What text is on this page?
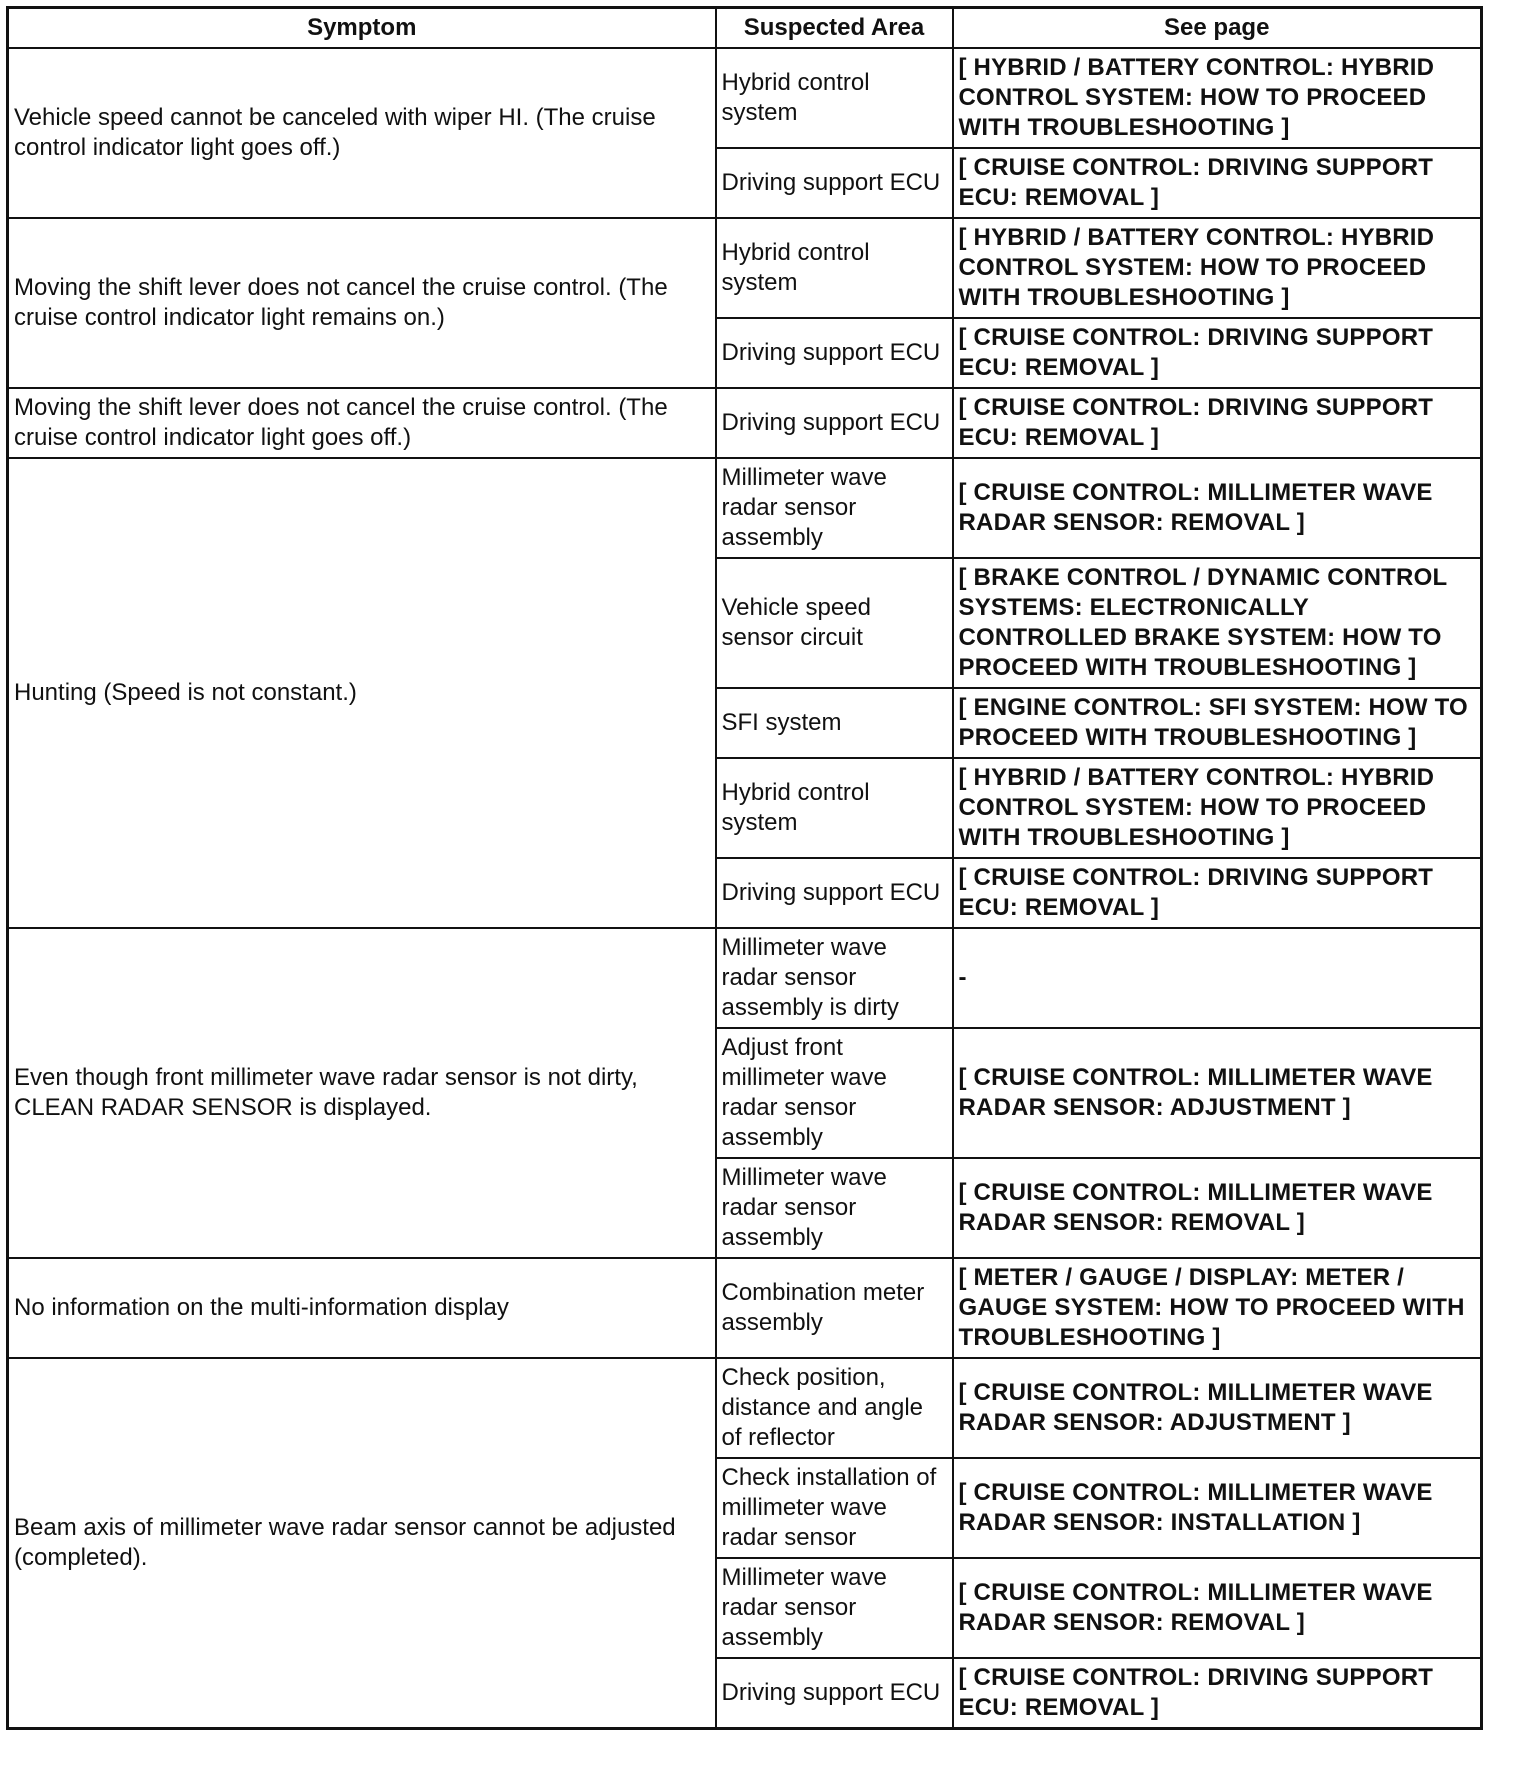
Symptom	Suspected Area	See page
Vehicle speed cannot be canceled with wiper HI. (The cruise control indicator light goes off.)	Hybrid control system	[ HYBRID / BATTERY CONTROL: HYBRID CONTROL SYSTEM: HOW TO PROCEED WITH TROUBLESHOOTING ]
	Driving support ECU	[ CRUISE CONTROL: DRIVING SUPPORT ECU: REMOVAL ]
Moving the shift lever does not cancel the cruise control. (The cruise control indicator light remains on.)	Hybrid control system	[ HYBRID / BATTERY CONTROL: HYBRID CONTROL SYSTEM: HOW TO PROCEED WITH TROUBLESHOOTING ]
	Driving support ECU	[ CRUISE CONTROL: DRIVING SUPPORT ECU: REMOVAL ]
Moving the shift lever does not cancel the cruise control. (The cruise control indicator light goes off.)	Driving support ECU	[ CRUISE CONTROL: DRIVING SUPPORT ECU: REMOVAL ]
Hunting (Speed is not constant.)	Millimeter wave radar sensor assembly	[ CRUISE CONTROL: MILLIMETER WAVE RADAR SENSOR: REMOVAL ]
	Vehicle speed sensor circuit	[ BRAKE CONTROL / DYNAMIC CONTROL SYSTEMS: ELECTRONICALLY CONTROLLED BRAKE SYSTEM: HOW TO PROCEED WITH TROUBLESHOOTING ]
	SFI system	[ ENGINE CONTROL: SFI SYSTEM: HOW TO PROCEED WITH TROUBLESHOOTING ]
	Hybrid control system	[ HYBRID / BATTERY CONTROL: HYBRID CONTROL SYSTEM: HOW TO PROCEED WITH TROUBLESHOOTING ]
	Driving support ECU	[ CRUISE CONTROL: DRIVING SUPPORT ECU: REMOVAL ]
Even though front millimeter wave radar sensor is not dirty, CLEAN RADAR SENSOR is displayed.	Millimeter wave radar sensor assembly is dirty	-
	Adjust front millimeter wave radar sensor assembly	[ CRUISE CONTROL: MILLIMETER WAVE RADAR SENSOR: ADJUSTMENT ]
	Millimeter wave radar sensor assembly	[ CRUISE CONTROL: MILLIMETER WAVE RADAR SENSOR: REMOVAL ]
No information on the multi-information display	Combination meter assembly	[ METER / GAUGE / DISPLAY: METER / GAUGE SYSTEM: HOW TO PROCEED WITH TROUBLESHOOTING ]
Beam axis of millimeter wave radar sensor cannot be adjusted (completed).	Check position, distance and angle of reflector	[ CRUISE CONTROL: MILLIMETER WAVE RADAR SENSOR: ADJUSTMENT ]
	Check installation of millimeter wave radar sensor	[ CRUISE CONTROL: MILLIMETER WAVE RADAR SENSOR: INSTALLATION ]
	Millimeter wave radar sensor assembly	[ CRUISE CONTROL: MILLIMETER WAVE RADAR SENSOR: REMOVAL ]
	Driving support ECU	[ CRUISE CONTROL: DRIVING SUPPORT ECU: REMOVAL ]
